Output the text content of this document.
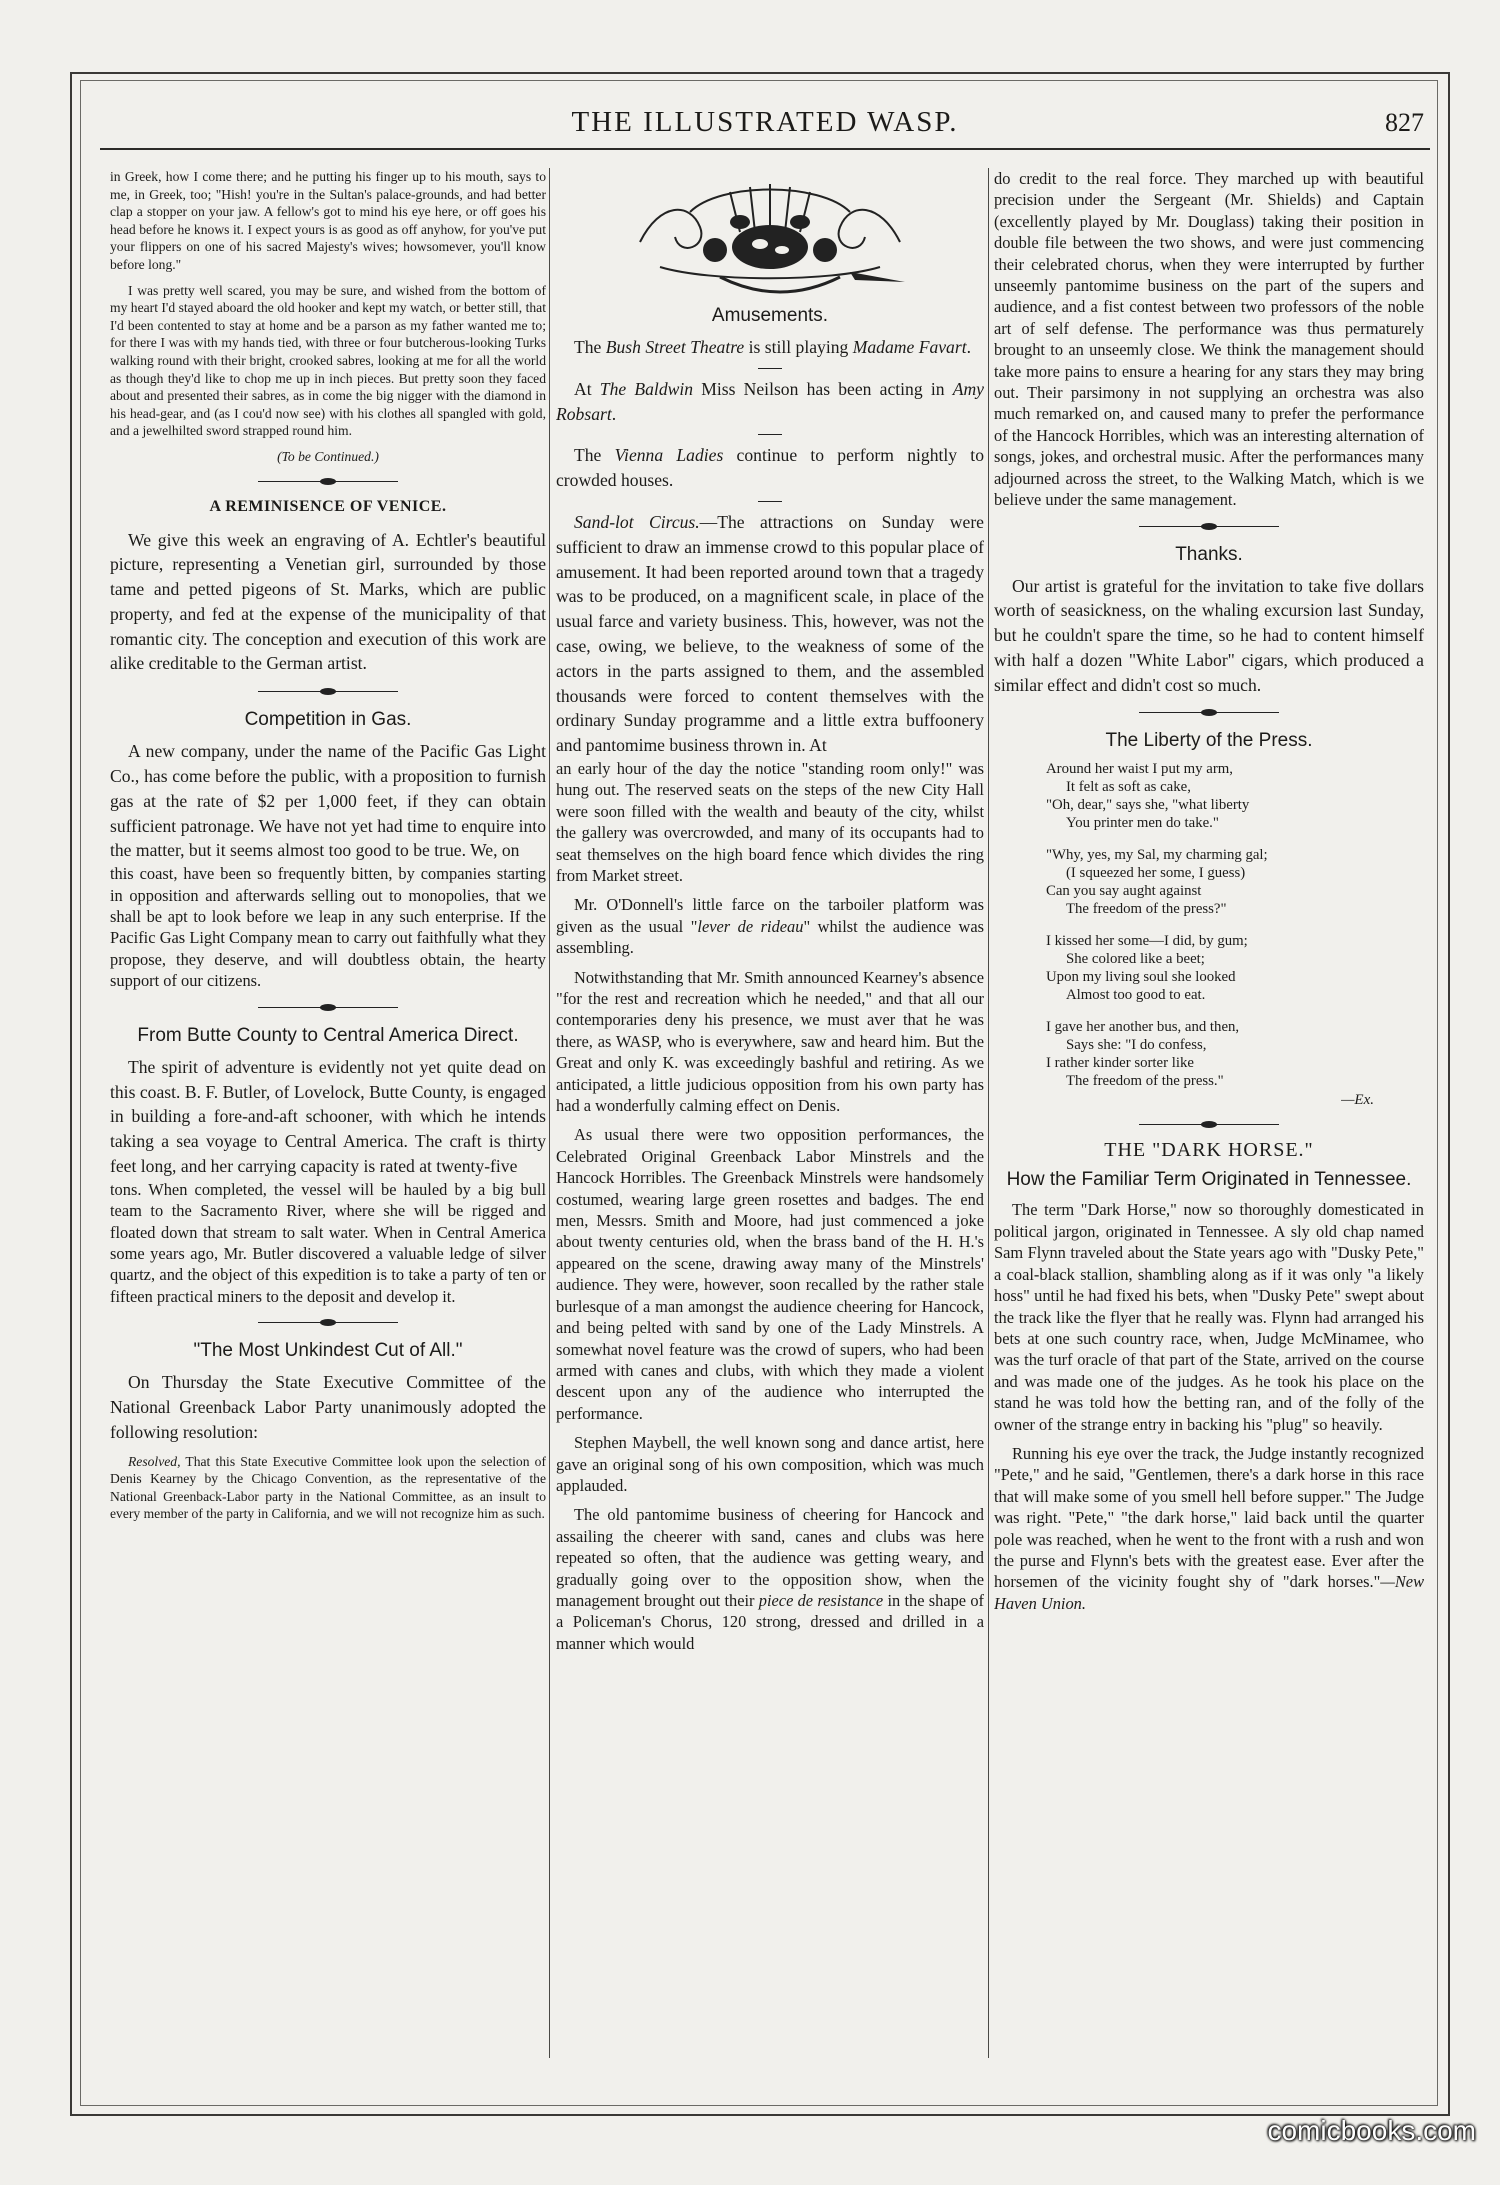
THE ILLUSTRATED WASP.	827

in Greek, how I come there; and he putting his finger up to his mouth, says to me, in Greek, too; "Hish! you're in the Sultan's palace-grounds, and had better clap a stopper on your jaw. A fellow's got to mind his eye here, or off goes his head before he knows it. I expect yours is as good as off anyhow, for you've put your flippers on one of his sacred Majesty's wives; howsomever, you'll know before long."

I was pretty well scared, you may be sure, and wished from the bottom of my heart I'd stayed aboard the old hooker and kept my watch, or better still, that I'd been contented to stay at home and be a parson as my father wanted me to; for there I was with my hands tied, with three or four butcherous-looking Turks walking round with their bright, crooked sabres, looking at me for all the world as though they'd like to chop me up in inch pieces. But pretty soon they faced about and presented their sabres, as in come the big nigger with the diamond in his head-gear, and (as I cou'd now see) with his clothes all spangled with gold, and a jewelhilted sword strapped round him.

(To be Continued.)

A REMINISENCE OF VENICE.

We give this week an engraving of A. Echtler's beautiful picture, representing a Venetian girl, surrounded by those tame and petted pigeons of St. Marks, which are public property, and fed at the expense of the municipality of that romantic city. The conception and execution of this work are alike creditable to the German artist.

Competition in Gas.

A new company, under the name of the Pacific Gas Light Co., has come before the public, with a proposition to furnish gas at the rate of $2 per 1,000 feet, if they can obtain sufficient patronage. We have not yet had time to enquire into the matter, but it seems almost too good to be true. We, on

this coast, have been so frequently bitten, by companies starting in opposition and afterwards selling out to monopolies, that we shall be apt to look before we leap in any such enterprise. If the Pacific Gas Light Company mean to carry out faithfully what they propose, they deserve, and will doubtless obtain, the hearty support of our citizens.

From Butte County to Central America Direct.

The spirit of adventure is evidently not yet quite dead on this coast. B. F. Butler, of Lovelock, Butte County, is engaged in building a fore-and-aft schooner, with which he intends taking a sea voyage to Central America. The craft is thirty feet long, and her carrying capacity is rated at twenty-five

tons. When completed, the vessel will be hauled by a big bull team to the Sacramento River, where she will be rigged and floated down that stream to salt water. When in Central America some years ago, Mr. Butler discovered a valuable ledge of silver quartz, and the object of this expedition is to take a party of ten or fifteen practical miners to the deposit and develop it.

"The Most Unkindest Cut of All."

On Thursday the State Executive Committee of the National Greenback Labor Party unanimously adopted the following resolution:

Resolved, That this State Executive Committee look upon the selection of Denis Kearney by the Chicago Convention, as the representative of the National Greenback-Labor party in the National Committee, as an insult to every member of the party in California, and we will not recognize him as such.

Amusements.

The Bush Street Theatre is still playing Madame Favart.

At The Baldwin Miss Neilson has been acting in Amy Robsart.

The Vienna Ladies continue to perform nightly to crowded houses.

Sand-lot Circus.—The attractions on Sunday were sufficient to draw an immense crowd to this popular place of amusement. It had been reported around town that a tragedy was to be produced, on a magnificent scale, in place of the usual farce and variety business. This, however, was not the case, owing, we believe, to the weakness of some of the actors in the parts assigned to them, and the assembled thousands were forced to content themselves with the ordinary Sunday programme and a little extra buffoonery and pantomime business thrown in. At

an early hour of the day the notice "standing room only!" was hung out. The reserved seats on the steps of the new City Hall were soon filled with the wealth and beauty of the city, whilst the gallery was overcrowded, and many of its occupants had to seat themselves on the high board fence which divides the ring from Market street.

Mr. O'Donnell's little farce on the tarboiler platform was given as the usual "lever de rideau" whilst the audience was assembling.

Notwithstanding that Mr. Smith announced Kearney's absence "for the rest and recreation which he needed," and that all our contemporaries deny his presence, we must aver that he was there, as WASP, who is everywhere, saw and heard him. But the Great and only K. was exceedingly bashful and retiring. As we anticipated, a little judicious opposition from his own party has had a wonderfully calming effect on Denis.

As usual there were two opposition performances, the Celebrated Original Greenback Labor Minstrels and the Hancock Horribles. The Greenback Minstrels were handsomely costumed, wearing large green rosettes and badges. The end men, Messrs. Smith and Moore, had just commenced a joke about twenty centuries old, when the brass band of the H. H.'s appeared on the scene, drawing away many of the Minstrels' audience. They were, however, soon recalled by the rather stale burlesque of a man amongst the audience cheering for Hancock, and being pelted with sand by one of the Lady Minstrels. A somewhat novel feature was the crowd of supers, who had been armed with canes and clubs, with which they made a violent descent upon any of the audience who interrupted the performance.

Stephen Maybell, the well known song and dance artist, here gave an original song of his own composition, which was much applauded.

The old pantomime business of cheering for Hancock and assailing the cheerer with sand, canes and clubs was here repeated so often, that the audience was getting weary, and gradually going over to the opposition show, when the management brought out their piece de resistance in the shape of a Policeman's Chorus, 120 strong, dressed and drilled in a manner which would

do credit to the real force. They marched up with beautiful precision under the Sergeant (Mr. Shields) and Captain (excellently played by Mr. Douglass) taking their position in double file between the two shows, and were just commencing their celebrated chorus, when they were interrupted by further unseemly pantomime business on the part of the supers and audience, and a fist contest between two professors of the noble art of self defense. The performance was thus permaturely brought to an unseemly close. We think the management should take more pains to ensure a hearing for any stars they may bring out. Their parsimony in not supplying an orchestra was also much remarked on, and caused many to prefer the performance of the Hancock Horribles, which was an interesting alternation of songs, jokes, and orchestral music. After the performances many adjourned across the street, to the Walking Match, which is we believe under the same management.

Thanks.

Our artist is grateful for the invitation to take five dollars worth of seasickness, on the whaling excursion last Sunday, but he couldn't spare the time, so he had to content himself with half a dozen "White Labor" cigars, which produced a similar effect and didn't cost so much.

The Liberty of the Press.
Around her waist I put my arm,
It felt as soft as cake,
"Oh, dear," says she, "what liberty
You printer men do take."
"Why, yes, my Sal, my charming gal;
(I squeezed her some, I guess)
Can you say aught against
The freedom of the press?"
I kissed her some—I did, by gum;
She colored like a beet;
Upon my living soul she looked
Almost too good to eat.
I gave her another bus, and then,
Says she: "I do confess,
I rather kinder sorter like
The freedom of the press."
—Ex.
THE "DARK HORSE."
How the Familiar Term Originated in Tennessee.

The term "Dark Horse," now so thoroughly domesticated in political jargon, originated in Tennessee. A sly old chap named Sam Flynn traveled about the State years ago with "Dusky Pete," a coal-black stallion, shambling along as if it was only "a likely hoss" until he had fixed his bets, when "Dusky Pete" swept about the track like the flyer that he really was. Flynn had arranged his bets at one such country race, when, Judge McMinamee, who was the turf oracle of that part of the State, arrived on the course and was made one of the judges. As he took his place on the stand he was told how the betting ran, and of the folly of the owner of the strange entry in backing his "plug" so heavily.

Running his eye over the track, the Judge instantly recognized "Pete," and he said, "Gentlemen, there's a dark horse in this race that will make some of you smell hell before supper." The Judge was right. "Pete," "the dark horse," laid back until the quarter pole was reached, when he went to the front with a rush and won the purse and Flynn's bets with the greatest ease. Ever after the horsemen of the vicinity fought shy of "dark horses."—New Haven Union.

comicbooks.com
